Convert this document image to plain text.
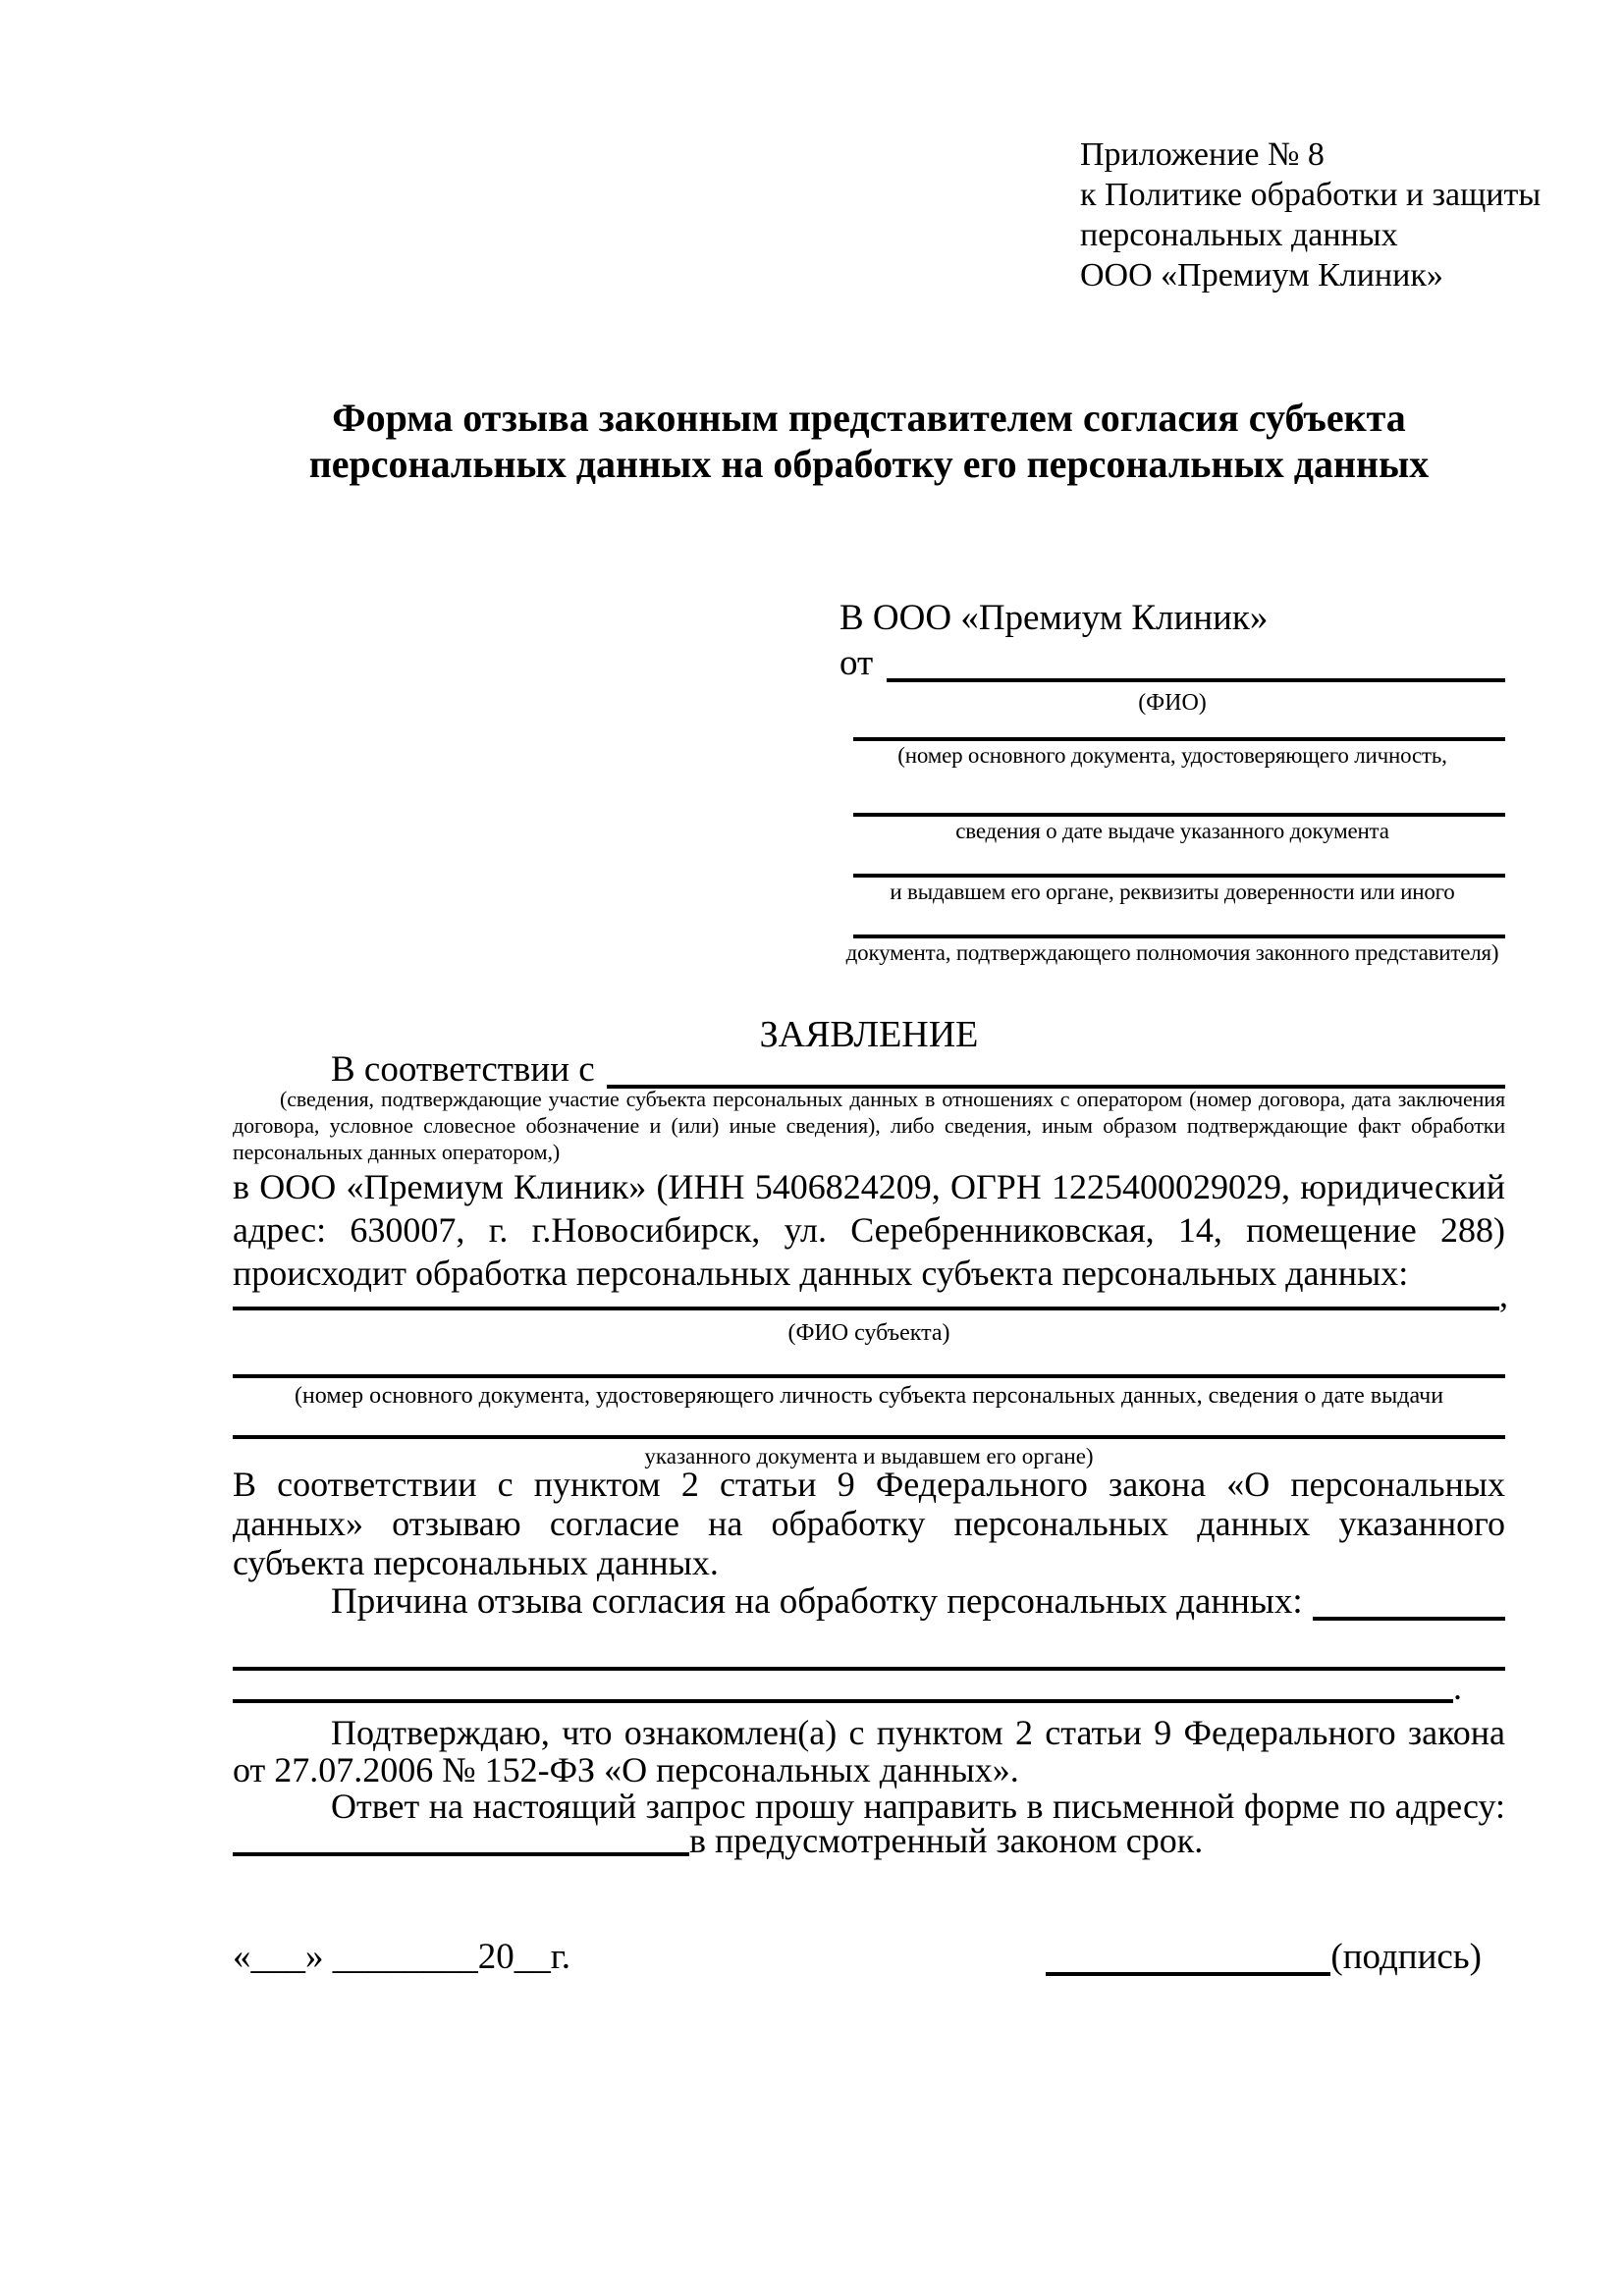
Приложение № 8
к Политике обработки и защиты
персональных данных
ООО «Премиум Клиник»
Форма отзыва законным представителем согласия субъекта
персональных данных на обработку его персональных данных
В ООО «Премиум Клиник»
от
(ФИО)
(номер основного документа, удостоверяющего личность,
сведения о дате выдаче указанного документа
и выдавшем его органе, реквизиты доверенности или иного
документа, подтверждающего полномочия законного представителя)
ЗАЯВЛЕНИЕ
В соответствии с
(сведения, подтверждающие участие субъекта персональных данных в отношениях с оператором (номер договора, дата заключения договора, условное словесное обозначение и (или) иные сведения), либо сведения, иным образом подтверждающие факт обработки персональных данных оператором,)
в ООО «Премиум Клиник» (ИНН 5406824209, ОГРН 1225400029029, юридический адрес: 630007, г. г.Новосибирск, ул. Серебренниковская, 14, помещение 288) происходит обработка персональных данных субъекта персональных данных:
,
(ФИО субъекта)
(номер основного документа, удостоверяющего личность субъекта персональных данных, сведения о дате выдачи
указанного документа и выдавшем его органе)
В соответствии с пунктом 2 статьи 9 Федерального закона «О персональных данных» отзываю согласие на обработку персональных данных указанного субъекта персональных данных.
Причина отзыва согласия на обработку персональных данных:
.
Подтверждаю, что ознакомлен(а) с пунктом 2 статьи 9 Федерального закона от 27.07.2006 № 152-ФЗ «О персональных данных».
Ответ на настоящий запрос прошу направить в письменной форме по адресу:
в предусмотренный законом срок.
«___» ________20__г.	(подпись)
